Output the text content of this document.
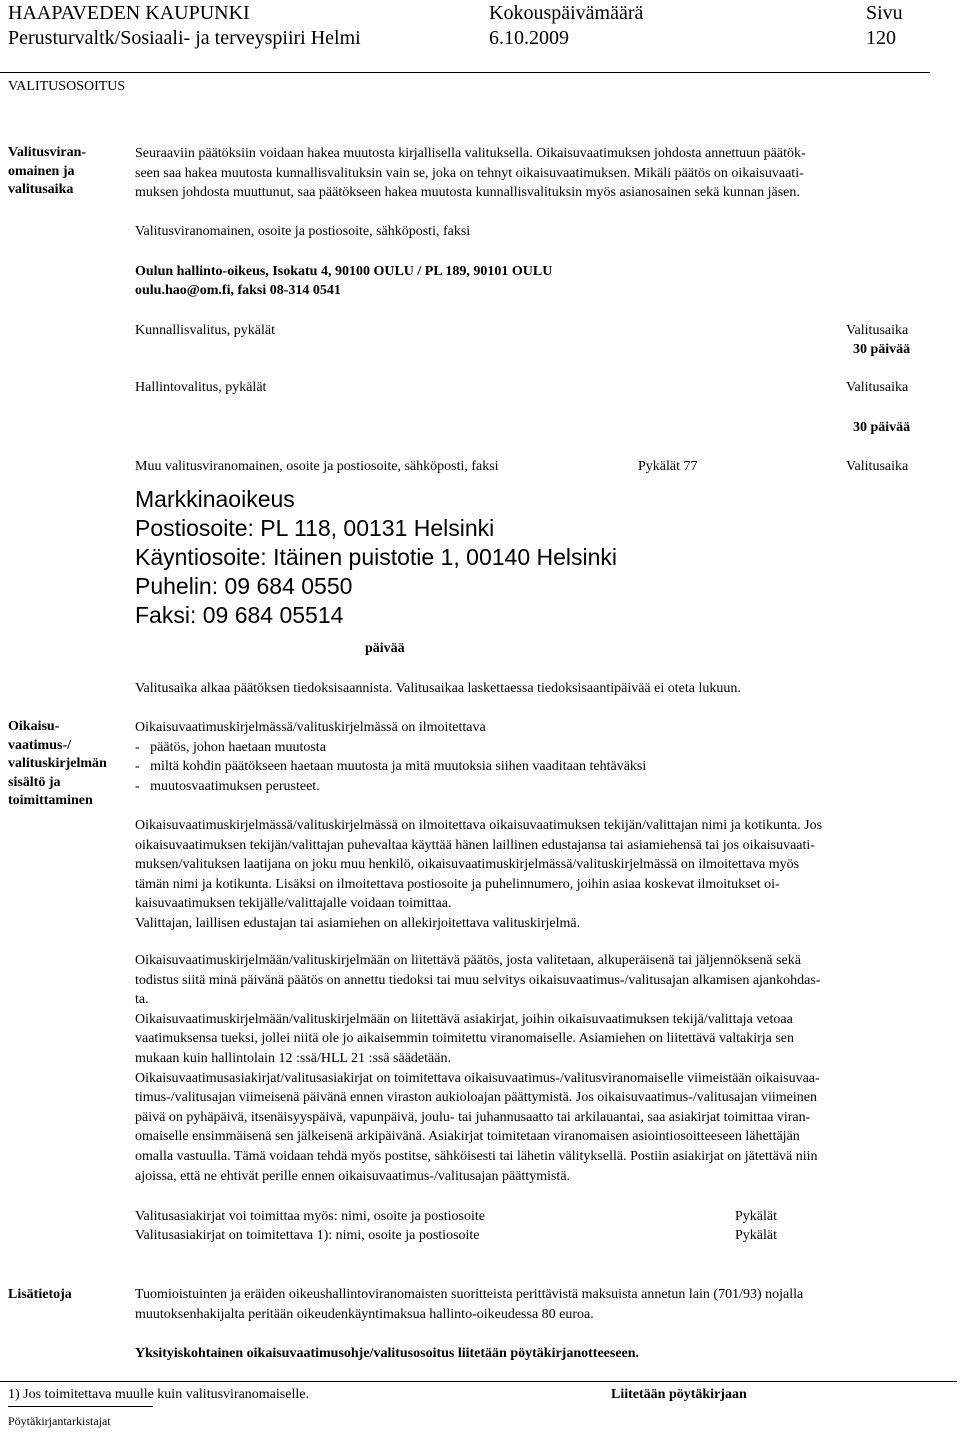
HAAPAVEDEN KAUPUNKI
Perusturvaltk/Sosiaali- ja terveyspiiri Helmi
Kokouspäivämäärä
6.10.2009
Sivu
120
VALITUSOSOITUS
Valitusviran-
omainen ja
valitusaika
Seuraaviin päätöksiin voidaan hakea muutosta kirjallisella valituksella. Oikaisuvaatimuksen johdosta annettuun päätök-
seen saa hakea muutosta kunnallisvalituksin vain se, joka on tehnyt oikaisuvaatimuksen. Mikäli päätös on oikaisuvaati-
muksen johdosta muuttunut, saa päätökseen hakea muutosta kunnallisvalituksin myös asianosainen sekä kunnan jäsen.
Valitusviranomainen, osoite ja postiosoite, sähköposti, faksi
Oulun hallinto-oikeus, Isokatu 4, 90100 OULU / PL 189, 90101 OULU
oulu.hao@om.fi, faksi 08-314 0541
Kunnallisvalitus, pykälät	Valitusaika
30 päivää
Hallintovalitus, pykälät	Valitusaika
30 päivää
Muu valitusviranomainen, osoite ja postiosoite, sähköposti, faksi	Pykälät 77	Valitusaika
Markkinaoikeus
Postiosoite: PL 118, 00131 Helsinki
Käyntiosoite: Itäinen puistotie 1, 00140 Helsinki
Puhelin: 09 684 0550
Faksi: 09 684 05514
päivää
Valitusaika alkaa päätöksen tiedoksisaannista. Valitusaikaa laskettaessa tiedoksisaantipäivää ei oteta lukuun.
Oikaisu-
vaatimus-/
valituskirjelmän
sisältö ja
toimittaminen
Oikaisuvaatimuskirjelmässä/valituskirjelmässä on ilmoitettava
-   päätös, johon haetaan muutosta
-   miltä kohdin päätökseen haetaan muutosta ja mitä muutoksia siihen vaaditaan tehtäväksi
-   muutosvaatimuksen perusteet.
Oikaisuvaatimuskirjelmässä/valituskirjelmässä on ilmoitettava oikaisuvaatimuksen tekijän/valittajan nimi ja kotikunta. Jos
oikaisuvaatimuksen tekijän/valittajan puhevaltaa käyttää hänen laillinen edustajansa tai asiamiehensä tai jos oikaisuvaati-
muksen/valituksen laatijana on joku muu henkilö, oikaisuvaatimuskirjelmässä/valituskirjelmässä on ilmoitettava myös
tämän nimi ja kotikunta. Lisäksi on ilmoitettava postiosoite ja puhelinnumero, joihin asiaa koskevat ilmoitukset oi-
kaisuvaatimuksen tekijälle/valittajalle voidaan toimittaa.
Valittajan, laillisen edustajan tai asiamiehen on allekirjoitettava valituskirjelmä.
Oikaisuvaatimuskirjelmään/valituskirjelmään on liitettävä päätös, josta valitetaan, alkuperäisenä tai jäljennöksenä sekä
todistus siitä minä päivänä päätös on annettu tiedoksi tai muu selvitys oikaisuvaatimus-/valitusajan alkamisen ajankohdas-
ta.
Oikaisuvaatimuskirjelmään/valituskirjelmään on liitettävä asiakirjat, joihin oikaisuvaatimuksen tekijä/valittaja vetoaa
vaatimuksensa tueksi, jollei niitä ole jo aikaisemmin toimitettu viranomaiselle. Asiamiehen on liitettävä valtakirja sen
mukaan kuin hallintolain 12 :ssä/HLL 21 :ssä säädetään.
Oikaisuvaatimusasiakirjat/valitusasiakirjat on toimitettava oikaisuvaatimus-/valitusviranomaiselle viimeistään oikaisuvaa-
timus-/valitusajan viimeisenä päivänä ennen viraston aukioloajan päättymistä. Jos oikaisuvaatimus-/valitusajan viimeinen
päivä on pyhäpäivä, itsenäisyyspäivä, vapunpäivä, joulu- tai juhannusaatto tai arkilauantai, saa asiakirjat toimittaa viran-
omaiselle ensimmäisenä sen jälkeisenä arkipäivänä. Asiakirjat toimitetaan viranomaisen asiointiosoitteeseen lähettäjän
omalla vastuulla. Tämä voidaan tehdä myös postitse, sähköisesti tai lähetin välityksellä. Postiin asiakirjat on jätettävä niin
ajoissa, että ne ehtivät perille ennen oikaisuvaatimus-/valitusajan päättymistä.
Valitusasiakirjat voi toimittaa myös: nimi, osoite ja postiosoite	Pykälät
Valitusasiakirjat on toimitettava 1): nimi, osoite ja postiosoite	Pykälät
Lisätietoja	Tuomioistuinten ja eräiden oikeushallintoviranomaisten suoritteista perittävistä maksuista annetun lain (701/93) nojalla
muutoksenhakijalta peritään oikeudenkäyntimaksua hallinto-oikeudessa 80 euroa.
Yksityiskohtainen oikaisuvaatimusohje/valitusosoitus liitetään pöytäkirjanotteeseen.
1) Jos toimitettava muulle kuin valitusviranomaiselle.	Liitetään pöytäkirjaan
Pöytäkirjantarkistajat
